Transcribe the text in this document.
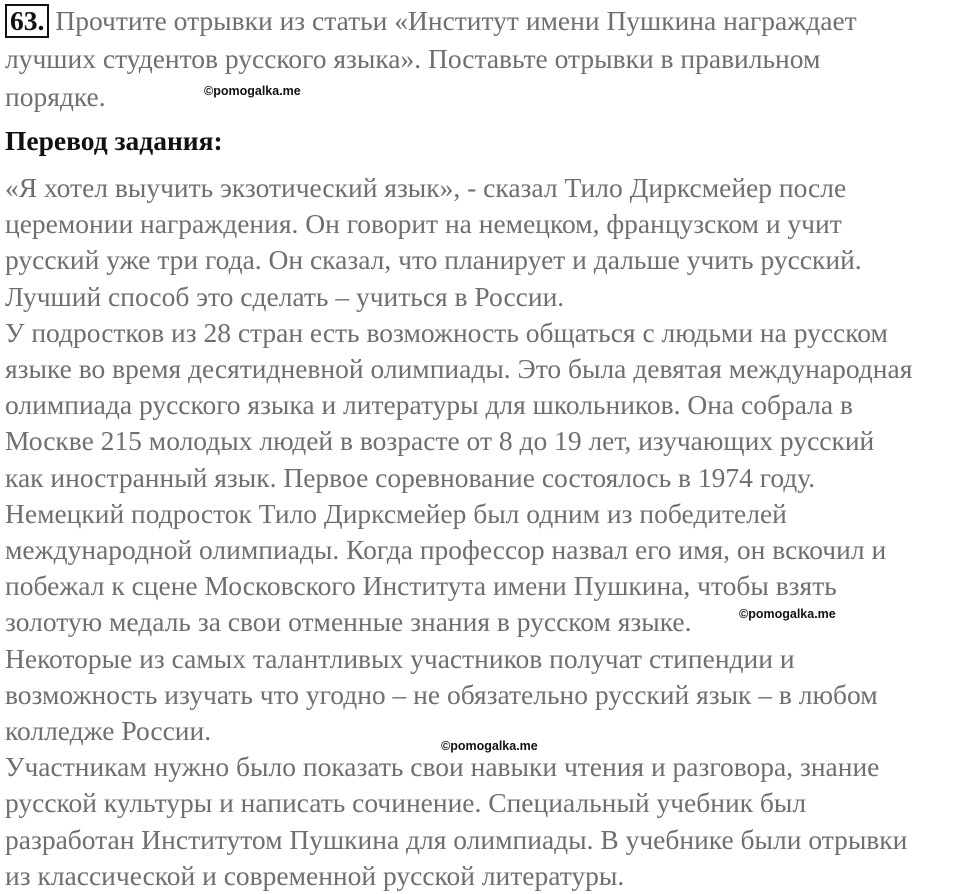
63. Прочтите отрывки из статьи «Институт имени Пушкина награждает
лучших студентов русского языка». Поставьте отрывки в правильном
порядке.	©pomogalka.me
Перевод задания:
«Я хотел выучить экзотический язык», - сказал Тило Дирксмейер после
церемонии награждения. Он говорит на немецком, французском и учит
русский уже три года. Он сказал, что планирует и дальше учить русский.
Лучший способ это сделать – учиться в России.
У подростков из 28 стран есть возможность общаться с людьми на русском
языке во время десятидневной олимпиады. Это была девятая международная
олимпиада русского языка и литературы для школьников. Она собрала в
Москве 215 молодых людей в возрасте от 8 до 19 лет, изучающих русский
как иностранный язык. Первое соревнование состоялось в 1974 году.
Немецкий подросток Тило Дирксмейер был одним из победителей
международной олимпиады. Когда профессор назвал его имя, он вскочил и
побежал к сцене Московского Института имени Пушкина, чтобы взять
золотую медаль за свои отменные знания в русском языке.
Некоторые из самых талантливых участников получат стипендии и
возможность изучать что угодно – не обязательно русский язык – в любом
колледже России.
Участникам нужно было показать свои навыки чтения и разговора, знание
русской культуры и написать сочинение. Специальный учебник был
разработан Институтом Пушкина для олимпиады. В учебнике были отрывки
из классической и современной русской литературы.
©pomogalka.me
©pomogalka.me
